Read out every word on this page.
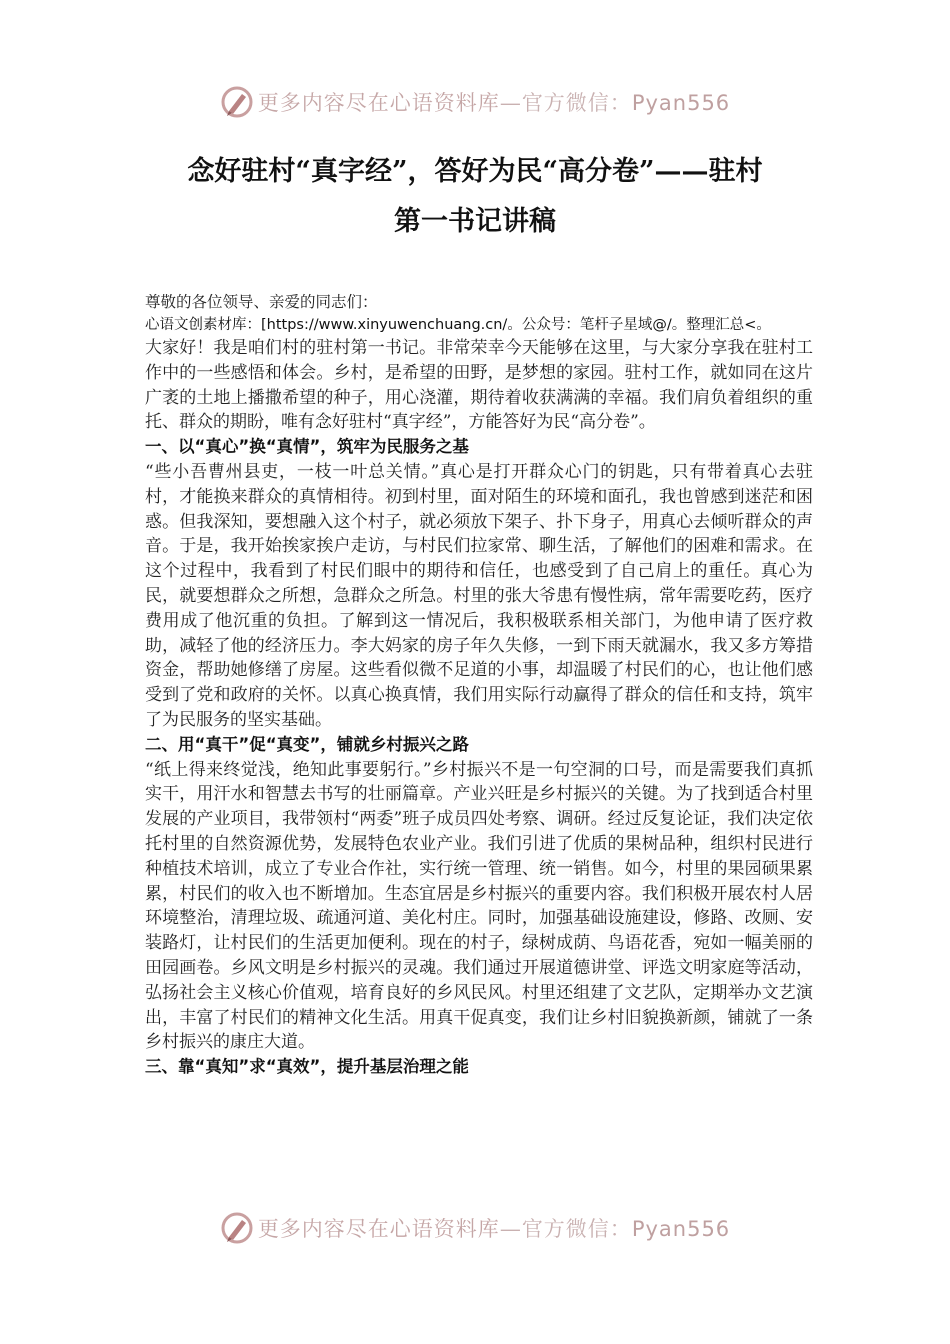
更多内容尽在心语资料库—官方微信：Pyan556
念好驻村“真字经”，答好为民“高分卷”——驻村
第一书记讲稿

尊敬的各位领导、亲爱的同志们：

心语文创素材库：[https://www.xinyuwenchuang.cn/。公众号：笔杆子星域@/。整理汇总<。

大家好！我是咱们村的驻村第一书记。非常荣幸今天能够在这里，与大家分享我在驻村工作中的一些感悟和体会。乡村，是希望的田野，是梦想的家园。驻村工作，就如同在这片广袤的土地上播撒希望的种子，用心浇灌，期待着收获满满的幸福。我们肩负着组织的重托、群众的期盼，唯有念好驻村“真字经”，方能答好为民“高分卷”。

一、以“真心”换“真情”，筑牢为民服务之基

“些小吾曹州县吏，一枝一叶总关情。”真心是打开群众心门的钥匙，只有带着真心去驻村，才能换来群众的真情相待。初到村里，面对陌生的环境和面孔，我也曾感到迷茫和困惑。但我深知，要想融入这个村子，就必须放下架子、扑下身子，用真心去倾听群众的声音。于是，我开始挨家挨户走访，与村民们拉家常、聊生活，了解他们的困难和需求。在这个过程中，我看到了村民们眼中的期待和信任，也感受到了自己肩上的重任。真心为民，就要想群众之所想，急群众之所急。村里的张大爷患有慢性病，常年需要吃药，医疗费用成了他沉重的负担。了解到这一情况后，我积极联系相关部门，为他申请了医疗救助，减轻了他的经济压力。李大妈家的房子年久失修，一到下雨天就漏水，我又多方筹措资金，帮助她修缮了房屋。这些看似微不足道的小事，却温暖了村民们的心，也让他们感受到了党和政府的关怀。以真心换真情，我们用实际行动赢得了群众的信任和支持，筑牢了为民服务的坚实基础。

二、用“真干”促“真变”，铺就乡村振兴之路

“纸上得来终觉浅，绝知此事要躬行。”乡村振兴不是一句空洞的口号，而是需要我们真抓实干，用汗水和智慧去书写的壮丽篇章。产业兴旺是乡村振兴的关键。为了找到适合村里发展的产业项目，我带领村“两委”班子成员四处考察、调研。经过反复论证，我们决定依托村里的自然资源优势，发展特色农业产业。我们引进了优质的果树品种，组织村民进行种植技术培训，成立了专业合作社，实行统一管理、统一销售。如今，村里的果园硕果累累，村民们的收入也不断增加。生态宜居是乡村振兴的重要内容。我们积极开展农村人居环境整治，清理垃圾、疏通河道、美化村庄。同时，加强基础设施建设，修路、改厕、安装路灯，让村民们的生活更加便利。现在的村子，绿树成荫、鸟语花香，宛如一幅美丽的田园画卷。乡风文明是乡村振兴的灵魂。我们通过开展道德讲堂、评选文明家庭等活动，弘扬社会主义核心价值观，培育良好的乡风民风。村里还组建了文艺队，定期举办文艺演出，丰富了村民们的精神文化生活。用真干促真变，我们让乡村旧貌换新颜，铺就了一条乡村振兴的康庄大道。

三、靠“真知”求“真效”，提升基层治理之能

更多内容尽在心语资料库—官方微信：Pyan556
